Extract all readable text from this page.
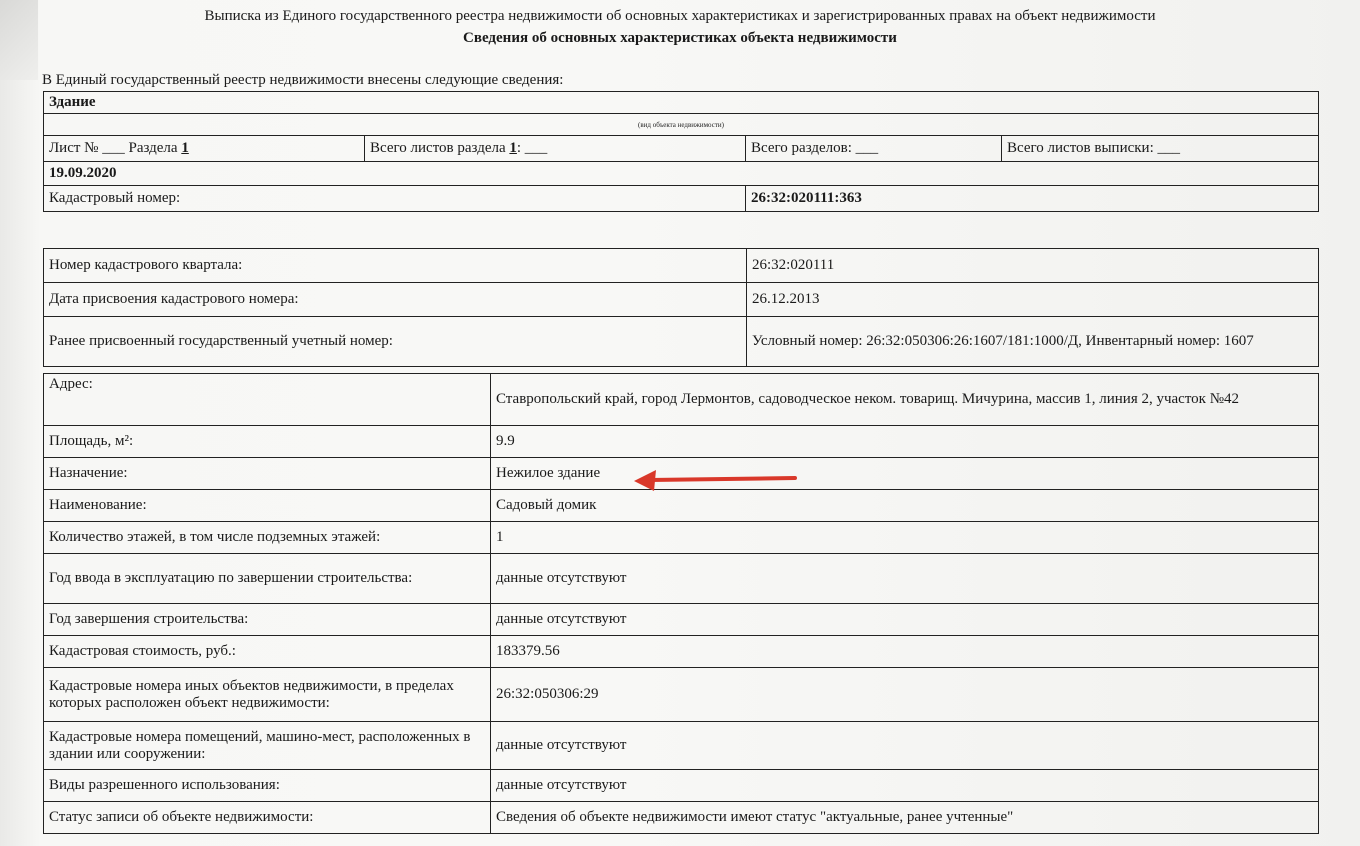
Выписка из Единого государственного реестра недвижимости об основных характеристиках и зарегистрированных правах на объект недвижимости
Сведения об основных характеристиках объекта недвижимости
В Единый государственный реестр недвижимости внесены следующие сведения:
Здание			
(вид объекта недвижимости)			
Лист № ___ Раздела 1	Всего листов раздела 1: ___	Всего разделов: ___	Всего листов выписки: ___
19.09.2020			
Кадастровый номер:		26:32:020111:363	
Номер кадастрового квартала:	26:32:020111
Дата присвоения кадастрового номера:	26.12.2013
Ранее присвоенный государственный учетный номер:	Условный номер: 26:32:050306:26:1607/181:1000/Д, Инвентарный номер: 1607
Адрес:	Ставропольский край, город Лермонтов, садоводческое неком. товарищ. Мичурина, массив 1, линия 2, участок №42
Площадь, м²:	9.9
Назначение:	Нежилое здание
Наименование:	Садовый домик
Количество этажей, в том числе подземных этажей:	1
Год ввода в эксплуатацию по завершении строительства:	данные отсутствуют
Год завершения строительства:	данные отсутствуют
Кадастровая стоимость, руб.:	183379.56
Кадастровые номера иных объектов недвижимости, в пределах которых расположен объект недвижимости:	26:32:050306:29
Кадастровые номера помещений, машино-мест, расположенных в здании или сооружении:	данные отсутствуют
Виды разрешенного использования:	данные отсутствуют
Статус записи об объекте недвижимости:	Сведения об объекте недвижимости имеют статус "актуальные, ранее учтенные"
